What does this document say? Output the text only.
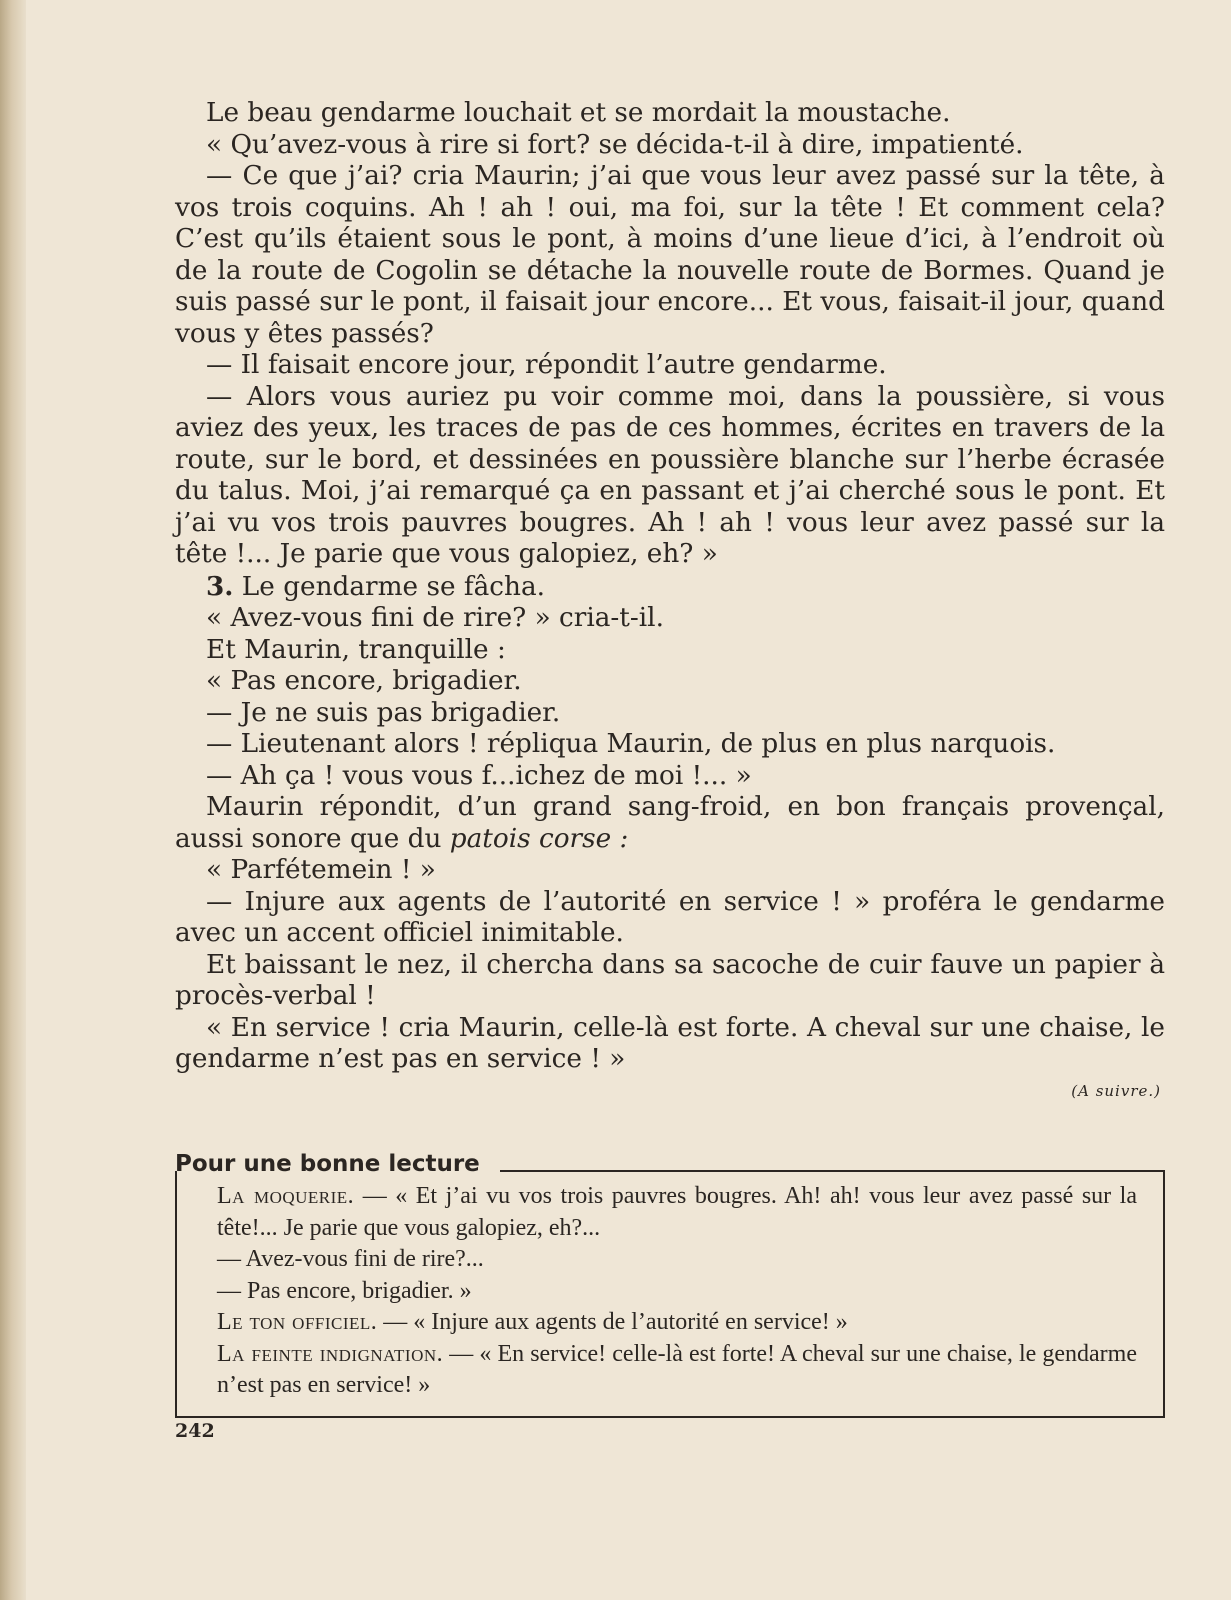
Le beau gendarme louchait et se mordait la moustache.

« Qu’avez-vous à rire si fort? se décida-t-il à dire, impatienté.

— Ce que j’ai? cria Maurin; j’ai que vous leur avez passé sur la tête, à vos trois coquins. Ah ! ah ! oui, ma foi, sur la tête ! Et comment cela? C’est qu’ils étaient sous le pont, à moins d’une lieue d’ici, à l’endroit où de la route de Cogolin se détache la nouvelle route de Bormes. Quand je suis passé sur le pont, il faisait jour encore... Et vous, faisait-il jour, quand vous y êtes passés?

— Il faisait encore jour, répondit l’autre gendarme.

— Alors vous auriez pu voir comme moi, dans la poussière, si vous aviez des yeux, les traces de pas de ces hommes, écrites en travers de la route, sur le bord, et dessinées en poussière blanche sur l’herbe écrasée du talus. Moi, j’ai remarqué ça en passant et j’ai cherché sous le pont. Et j’ai vu vos trois pauvres bougres. Ah ! ah ! vous leur avez passé sur la tête !... Je parie que vous galopiez, eh? »

3. Le gendarme se fâcha.

« Avez-vous fini de rire? » cria-t-il.

Et Maurin, tranquille :

« Pas encore, brigadier.

— Je ne suis pas brigadier.

— Lieutenant alors ! répliqua Maurin, de plus en plus narquois.

— Ah ça ! vous vous f...ichez de moi !... »

Maurin répondit, d’un grand sang-froid, en bon français provençal, aussi sonore que du patois corse :

« Parfétemein ! »

— Injure aux agents de l’autorité en service ! » proféra le gendarme avec un accent officiel inimitable.

Et baissant le nez, il chercha dans sa sacoche de cuir fauve un papier à procès-verbal !

« En service ! cria Maurin, celle-là est forte. A cheval sur une chaise, le gendarme n’est pas en service ! »

(A suivre.)
Pour une bonne lecture
La moquerie. — « Et j’ai vu vos trois pauvres bougres. Ah! ah! vous leur avez passé sur la tête!... Je parie que vous galopiez, eh?...
— Avez-vous fini de rire?...
— Pas encore, brigadier. »
Le ton officiel. — « Injure aux agents de l’autorité en service! »
La feinte indignation. — « En service! celle-là est forte! A cheval sur une chaise, le gendarme n’est pas en service! »
242
